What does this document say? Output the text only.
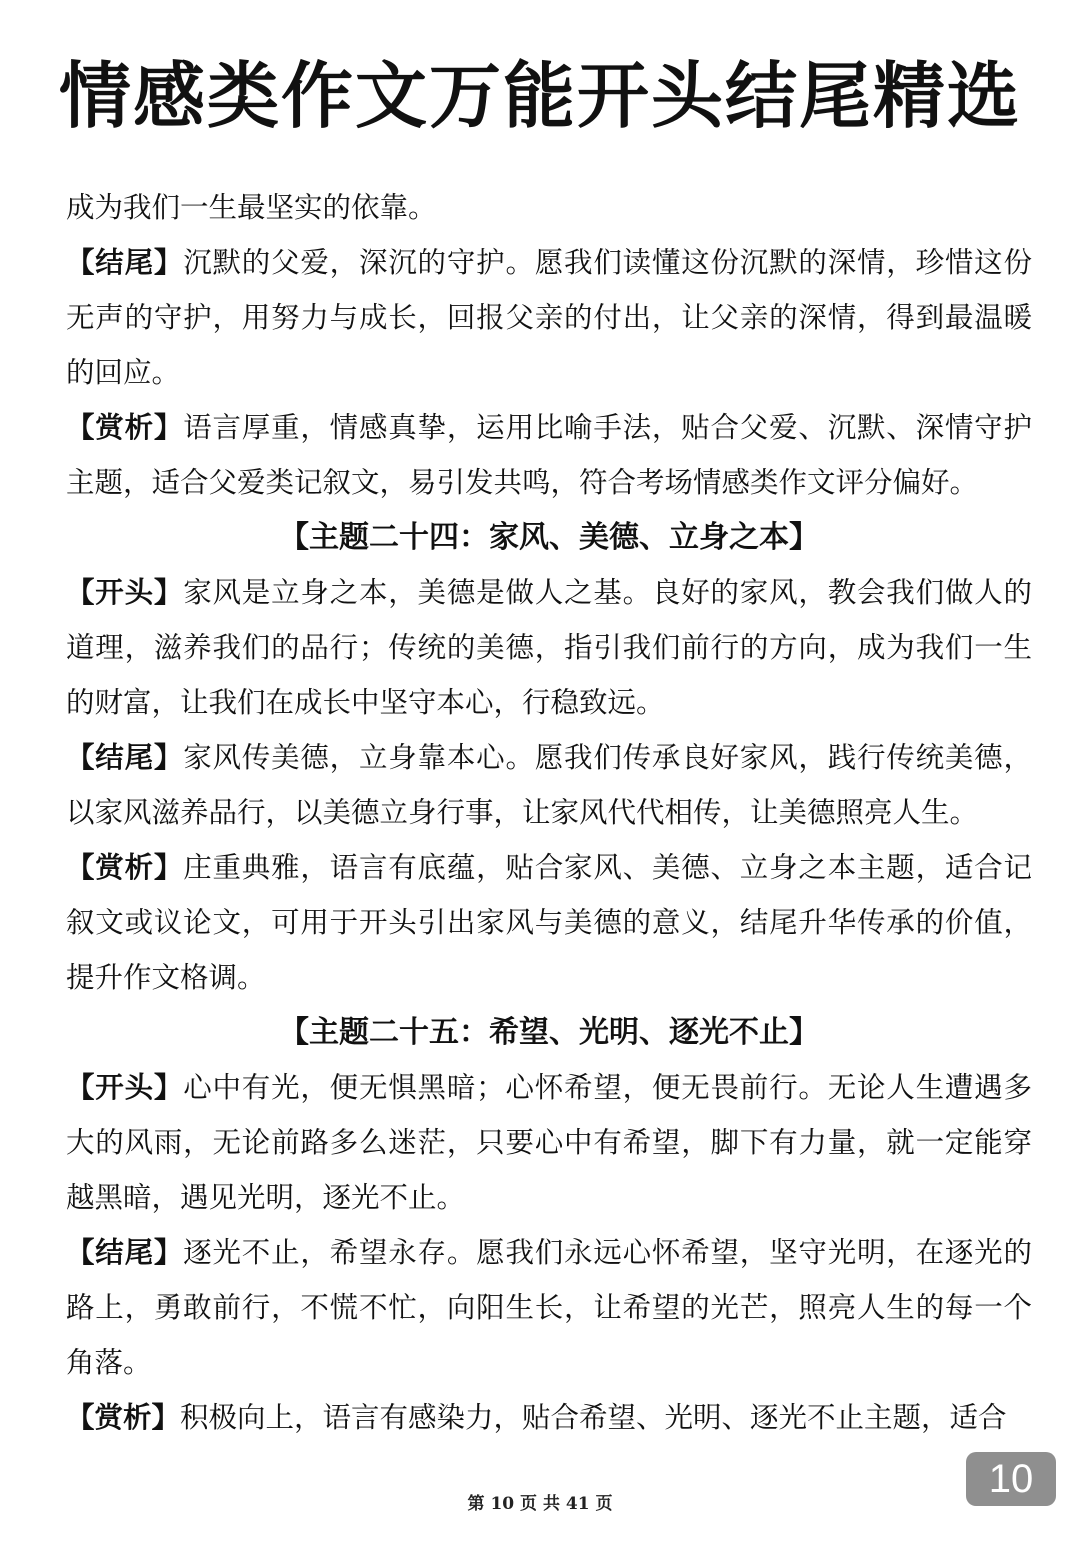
情感类作文万能开头结尾精选

成为我们一生最坚实的依靠。

【结尾】沉默的父爱，深沉的守护。愿我们读懂这份沉默的深情，珍惜这份无声的守护，用努力与成长，回报父亲的付出，让父亲的深情，得到最温暖的回应。

【赏析】语言厚重，情感真挚，运用比喻手法，贴合父爱、沉默、深情守护主题，适合父爱类记叙文，易引发共鸣，符合考场情感类作文评分偏好。

【主题二十四：家风、美德、立身之本】

【开头】家风是立身之本，美德是做人之基。良好的家风，教会我们做人的道理，滋养我们的品行；传统的美德，指引我们前行的方向，成为我们一生的财富，让我们在成长中坚守本心，行稳致远。

【结尾】家风传美德，立身靠本心。愿我们传承良好家风，践行传统美德，以家风滋养品行，以美德立身行事，让家风代代相传，让美德照亮人生。

【赏析】庄重典雅，语言有底蕴，贴合家风、美德、立身之本主题，适合记叙文或议论文，可用于开头引出家风与美德的意义，结尾升华传承的价值，提升作文格调。

【主题二十五：希望、光明、逐光不止】

【开头】心中有光，便无惧黑暗；心怀希望，便无畏前行。无论人生遭遇多大的风雨，无论前路多么迷茫，只要心中有希望，脚下有力量，就一定能穿越黑暗，遇见光明，逐光不止。

【结尾】逐光不止，希望永存。愿我们永远心怀希望，坚守光明，在逐光的路上，勇敢前行，不慌不忙，向阳生长，让希望的光芒，照亮人生的每一个角落。

【赏析】积极向上，语言有感染力，贴合希望、光明、逐光不止主题，适合

10
第 10 页 共 41 页
